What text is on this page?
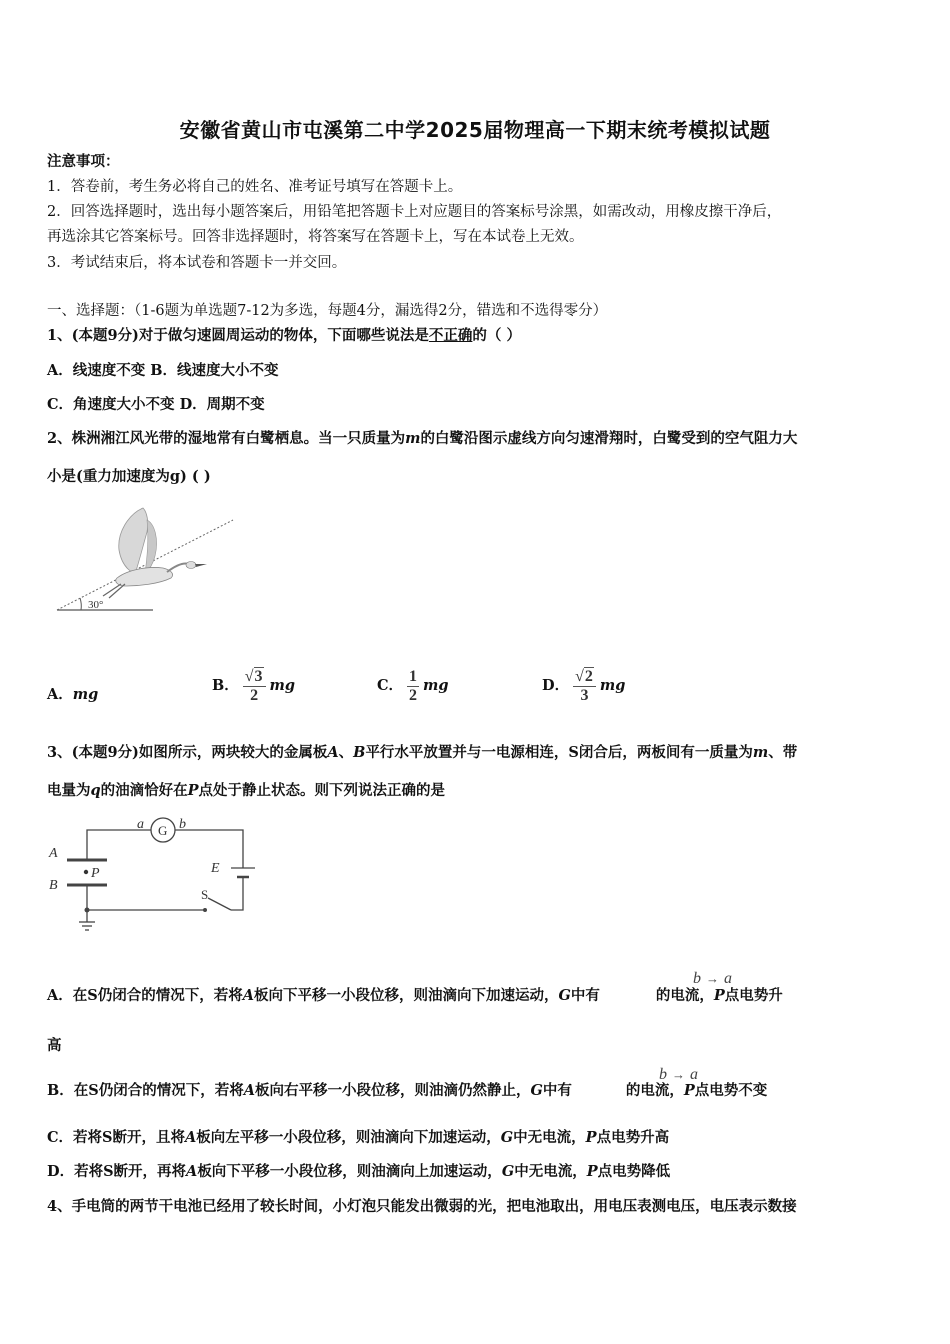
安徽省黄山市屯溪第二中学2025届物理高一下期末统考模拟试题
注意事项：
1．答卷前，考生务必将自己的姓名、准考证号填写在答题卡上。
2．回答选择题时，选出每小题答案后，用铅笔把答题卡上对应题目的答案标号涂黑，如需改动，用橡皮擦干净后，
再选涂其它答案标号。回答非选择题时，将答案写在答题卡上，写在本试卷上无效。
3．考试结束后，将本试卷和答题卡一并交回。
一、选择题：（1-6题为单选题7-12为多选，每题4分，漏选得2分，错选和不选得零分）
1、(本题9分)对于做匀速圆周运动的物体，下面哪些说法是不正确的（ ）
A．线速度不变 B．线速度大小不变
C．角速度大小不变 D．周期不变
2、株洲湘江风光带的湿地常有白鹭栖息。当一只质量为m的白鹭沿图示虚线方向匀速滑翔时，白鹭受到的空气阻力大
小是(重力加速度为g) ( )
30°
A．mg
B． $\frac{√3}{2}$ mg	C． $\frac{1}{2}$ mg	D． $\frac{√2}{3}$ mg
3、(本题9分)如图所示，两块较大的金属板A、B平行水平放置并与一电源相连，S闭合后，两板间有一质量为m、带
电量为q的油滴恰好在P点处于静止状态。则下列说法正确的是
a G b
A
P
B
E
S
A．在S仍闭合的情况下，若将A板向下平移一小段位移，则油滴向下加速运动，G中有	的电流，P点电势升
b → a
高
B．在S仍闭合的情况下，若将A板向右平移一小段位移，则油滴仍然静止，G中有	的电流，P点电势不变
b → a
C．若将S断开，且将A板向左平移一小段位移，则油滴向下加速运动，G中无电流，P点电势升高
D．若将S断开，再将A板向下平移一小段位移，则油滴向上加速运动，G中无电流，P点电势降低
4、手电筒的两节干电池已经用了较长时间，小灯泡只能发出微弱的光，把电池取出，用电压表测电压，电压表示数接
